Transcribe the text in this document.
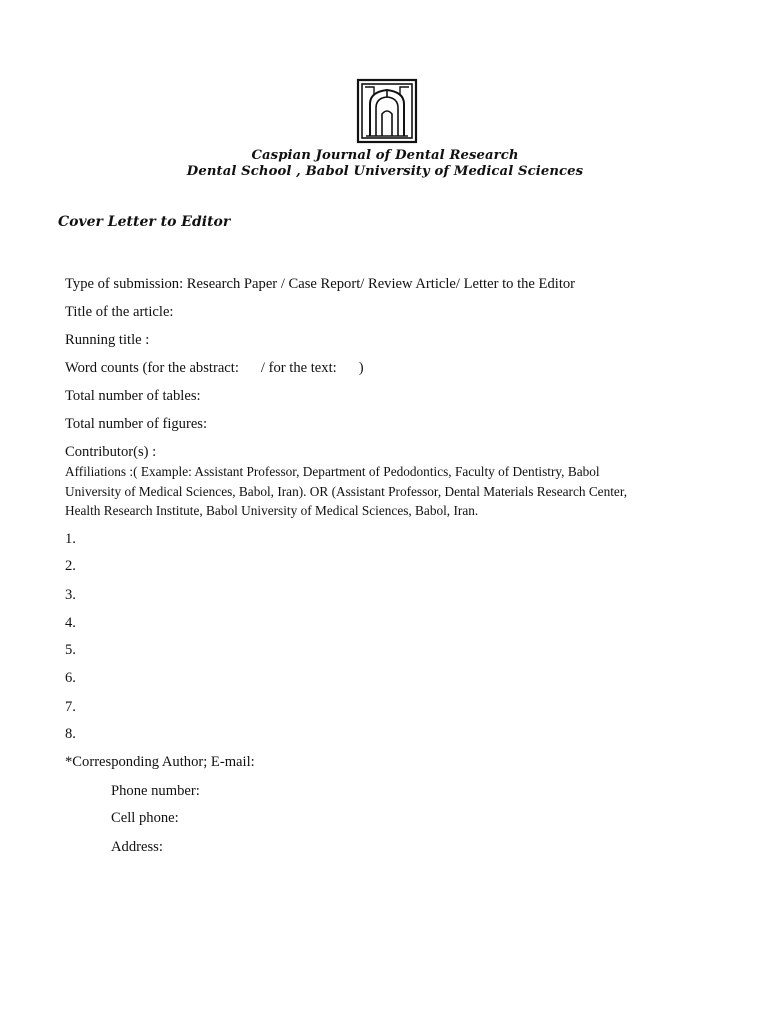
Caspian Journal of Dental Research
Dental School , Babol University of Medical Sciences
Cover Letter to Editor
Type of submission: Research Paper / Case Report/ Review Article/ Letter to the Editor
Title of the article:
Running title :
Word counts (for the abstract: / for the text: )
Total number of tables:
Total number of figures:
Contributor(s) :
Affiliations :( Example: Assistant Professor, Department of Pedodontics, Faculty of Dentistry, Babol
University of Medical Sciences, Babol, Iran). OR (Assistant Professor, Dental Materials Research Center,
Health Research Institute, Babol University of Medical Sciences, Babol, Iran.
1.
2.
3.
4.
5.
6.
7.
8.
*Corresponding Author; E-mail:
Phone number:
Cell phone:
Address:
